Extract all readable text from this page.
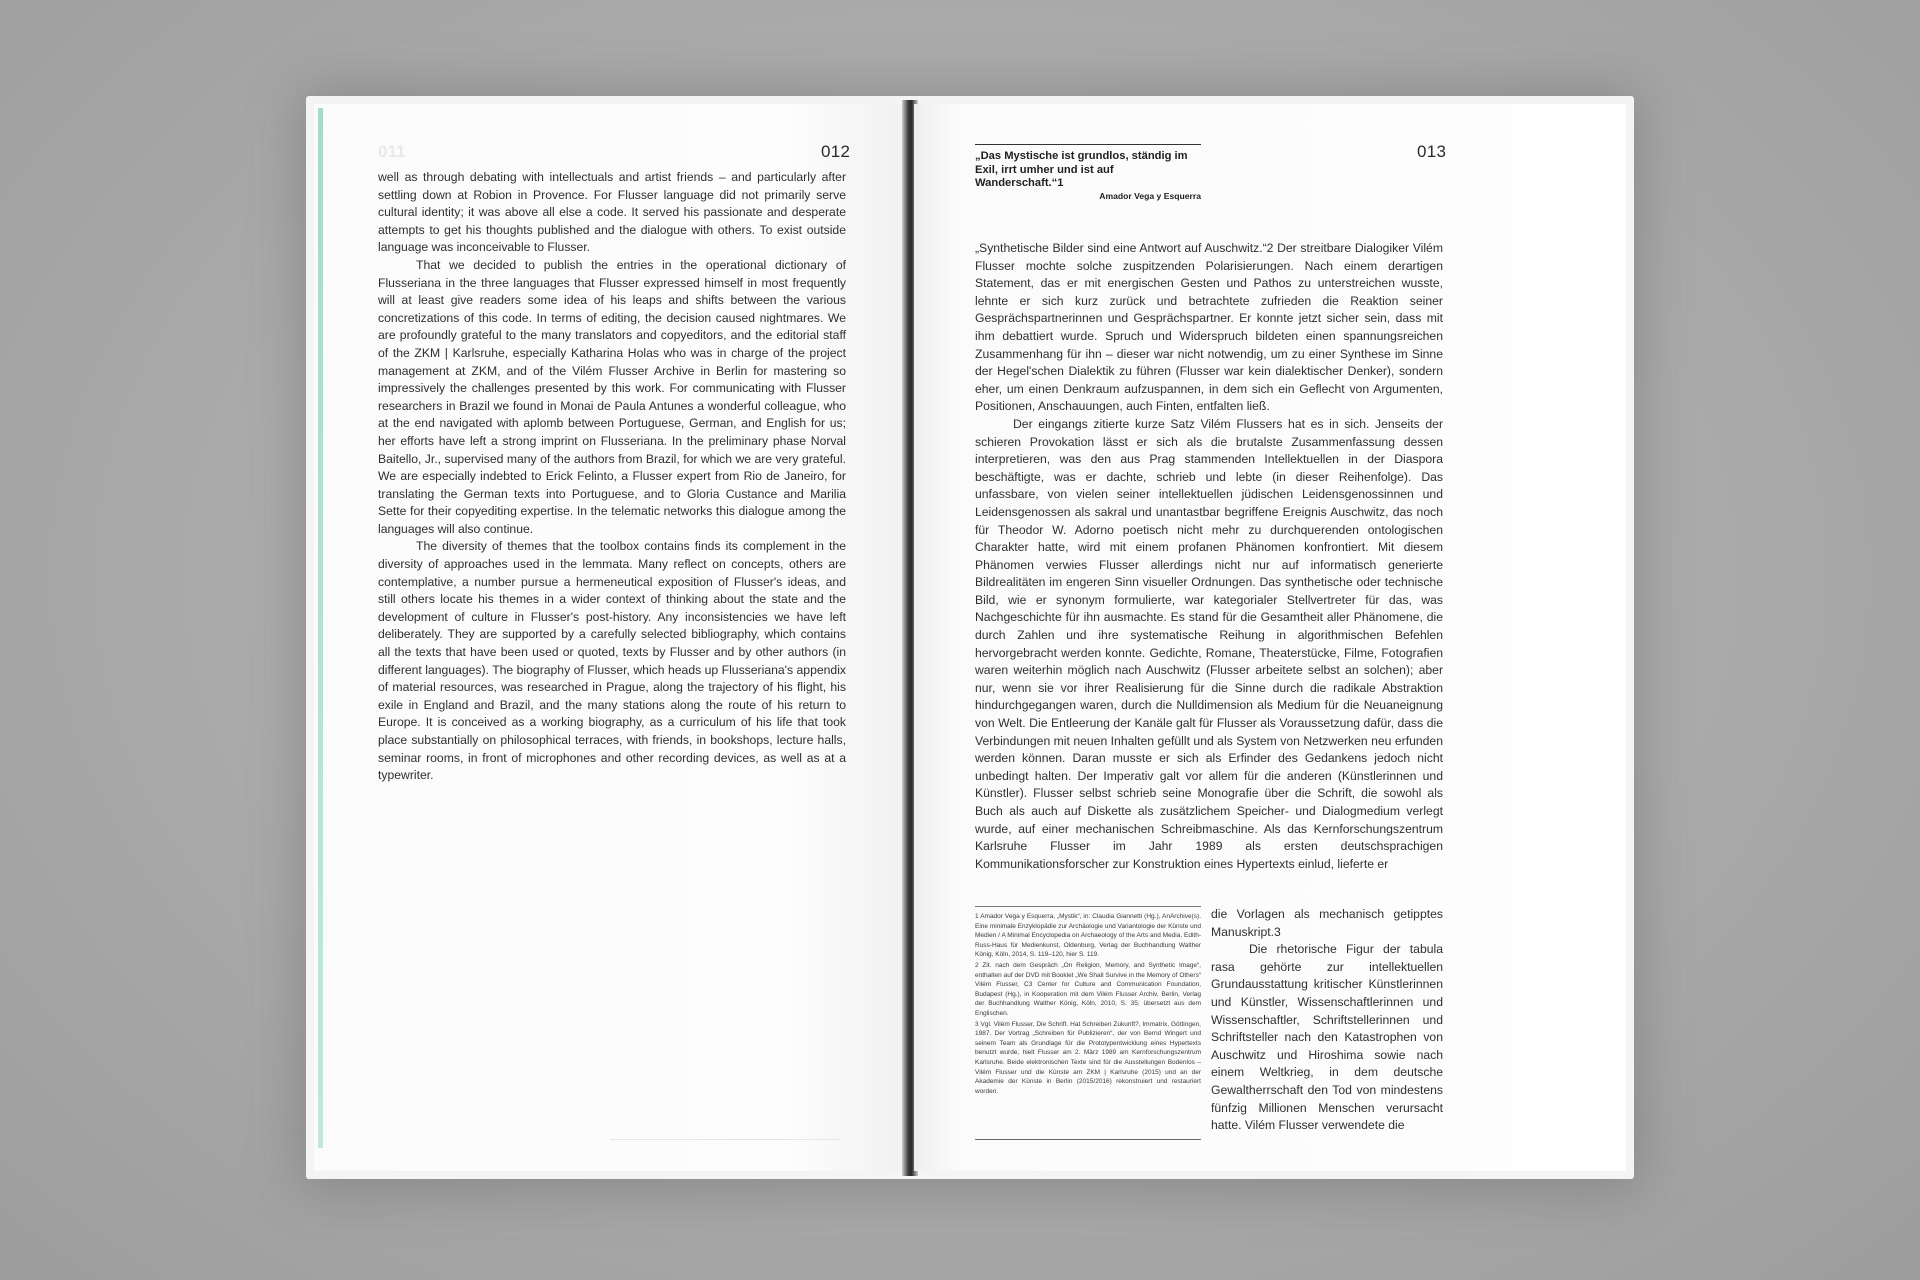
011	012

well as through debating with intellectuals and artist friends – and particularly after settling down at Robion in Provence. For Flusser language did not primarily serve cultural identity; it was above all else a code. It served his passionate and desperate attempts to get his thoughts published and the dialogue with others. To exist outside language was inconceivable to Flusser.

That we decided to publish the entries in the operational dictionary of Flusseriana in the three languages that Flusser expressed himself in most frequently will at least give readers some idea of his leaps and shifts between the various concretizations of this code. In terms of editing, the decision caused nightmares. We are profoundly grateful to the many translators and copyeditors, and the editorial staff of the ZKM | Karlsruhe, especially Katharina Holas who was in charge of the project management at ZKM, and of the Vilém Flusser Archive in Berlin for mastering so impressively the challenges presented by this work. For communicating with Flusser researchers in Brazil we found in Monai de Paula Antunes a wonderful colleague, who at the end navigated with aplomb between Portuguese, German, and English for us; her efforts have left a strong imprint on Flusseriana. In the preliminary phase Norval Baitello, Jr., supervised many of the authors from Brazil, for which we are very grateful. We are especially indebted to Erick Felinto, a Flusser expert from Rio de Janeiro, for translating the German texts into Portuguese, and to Gloria Custance and Marilia Sette for their copyediting expertise. In the telematic networks this dialogue among the languages will also continue.

The diversity of themes that the toolbox contains finds its complement in the diversity of approaches used in the lemmata. Many reflect on concepts, others are contemplative, a number pursue a hermeneutical exposition of Flusser's ideas, and still others locate his themes in a wider context of thinking about the state and the development of culture in Flusser's post-history. Any inconsistencies we have left deliberately. They are supported by a carefully selected bibliography, which contains all the texts that have been used or quoted, texts by Flusser and by other authors (in different languages). The biography of Flusser, which heads up Flusseriana's appendix of material resources, was researched in Prague, along the trajectory of his flight, his exile in England and Brazil, and the many stations along the route of his return to Europe. It is conceived as a working biography, as a curriculum of his life that took place substantially on philosophical terraces, with friends, in bookshops, lecture halls, seminar rooms, in front of microphones and other recording devices, as well as at a typewriter.

013
„Das Mystische ist grundlos, ständig im Exil, irrt umher und ist auf Wanderschaft.“1
Amador Vega y Esquerra

„Synthetische Bilder sind eine Antwort auf Auschwitz.“2 Der streitbare Dialogiker Vilém Flusser mochte solche zuspitzenden Polarisierungen. Nach einem derartigen Statement, das er mit energischen Gesten und Pathos zu unterstreichen wusste, lehnte er sich kurz zurück und betrachtete zufrieden die Reaktion seiner Gesprächspartnerinnen und Gesprächspartner. Er konnte jetzt sicher sein, dass mit ihm debattiert wurde. Spruch und Widerspruch bildeten einen spannungsreichen Zusammenhang für ihn – dieser war nicht notwendig, um zu einer Synthese im Sinne der Hegel'schen Dialektik zu führen (Flusser war kein dialektischer Denker), sondern eher, um einen Denkraum aufzuspannen, in dem sich ein Geflecht von Argumenten, Positionen, Anschauungen, auch Finten, entfalten ließ.

Der eingangs zitierte kurze Satz Vilém Flussers hat es in sich. Jenseits der schieren Provokation lässt er sich als die brutalste Zusammenfassung dessen interpretieren, was den aus Prag stammenden Intellektuellen in der Diaspora beschäftigte, was er dachte, schrieb und lebte (in dieser Reihenfolge). Das unfassbare, von vielen seiner intellektuellen jüdischen Leidensgenossinnen und Leidensgenossen als sakral und unantastbar begriffene Ereignis Auschwitz, das noch für Theodor W. Adorno poetisch nicht mehr zu durchquerenden ontologischen Charakter hatte, wird mit einem profanen Phänomen konfrontiert. Mit diesem Phänomen verwies Flusser allerdings nicht nur auf informatisch generierte Bildrealitäten im engeren Sinn visueller Ordnungen. Das synthetische oder technische Bild, wie er synonym formulierte, war kategorialer Stellvertreter für das, was Nachgeschichte für ihn ausmachte. Es stand für die Gesamtheit aller Phänomene, die durch Zahlen und ihre systematische Reihung in algorithmischen Befehlen hervorgebracht werden konnte. Gedichte, Romane, Theaterstücke, Filme, Fotografien waren weiterhin möglich nach Auschwitz (Flusser arbeitete selbst an solchen); aber nur, wenn sie vor ihrer Realisierung für die Sinne durch die radikale Abstraktion hindurchgegangen waren, durch die Nulldimension als Medium für die Neuaneignung von Welt. Die Entleerung der Kanäle galt für Flusser als Voraussetzung dafür, dass die Verbindungen mit neuen Inhalten gefüllt und als System von Netzwerken neu erfunden werden können. Daran musste er sich als Erfinder des Gedankens jedoch nicht unbedingt halten. Der Imperativ galt vor allem für die anderen (Künstlerinnen und Künstler). Flusser selbst schrieb seine Monografie über die Schrift, die sowohl als Buch als auch auf Diskette als zusätzlichem Speicher- und Dialogmedium verlegt wurde, auf einer mechanischen Schreibmaschine. Als das Kernforschungszentrum Karlsruhe Flusser im Jahr 1989 als ersten deutschsprachigen Kommunikationsforscher zur Konstruktion eines Hypertexts einlud, lieferte er

die Vorlagen als mechanisch getipptes Manuskript.3

Die rhetorische Figur der tabula rasa gehörte zur intellektuellen Grundausstattung kritischer Künstlerinnen und Künstler, Wissenschaftlerinnen und Wissenschaftler, Schriftstellerinnen und Schriftsteller nach den Katastrophen von Auschwitz und Hiroshima sowie nach einem Weltkrieg, in dem deutsche Gewaltherrschaft den Tod von mindestens fünfzig Millionen Menschen verursacht hatte. Vilém Flusser verwendete die

1 Amador Vega y Esquerra, „Mystik“, in: Claudia Giannetti (Hg.), AnArchive(s). Eine minimale Enzyklopädie zur Archäologie und Variantologie der Künste und Medien / A Minimal Encyclopedia on Archaeology of the Arts and Media, Edith-Russ-Haus für Medienkunst, Oldenburg, Verlag der Buchhandlung Walther König, Köln, 2014, S. 119–120, hier S. 119.

2 Zit. nach dem Gespräch „On Religion, Memory, and Synthetic Image“, enthalten auf der DVD mit Booklet „We Shall Survive in the Memory of Others“ Vilém Flusser, C3 Center for Culture and Communication Foundation, Budapest (Hg.), in Kooperation mit dem Vilém Flusser Archiv, Berlin, Verlag der Buchhandlung Walther König, Köln, 2010, S. 35; übersetzt aus dem Englischen.

3 Vgl. Vilém Flusser, Die Schrift. Hat Schreiben Zukunft?, Immatrix, Göttingen, 1987. Der Vortrag „Schreiben für Publizieren“, der von Bernd Wingert und seinem Team als Grundlage für die Prototypentwicklung eines Hypertexts benutzt wurde, hielt Flusser am 2. März 1989 am Kernforschungszentrum Karlsruhe. Beide elektronischen Texte sind für die Ausstellungen Bodenlos – Vilém Flusser und die Künste am ZKM | Karlsruhe (2015) und an der Akademie der Künste in Berlin (2015/2016) rekonstruiert und restauriert worden.
